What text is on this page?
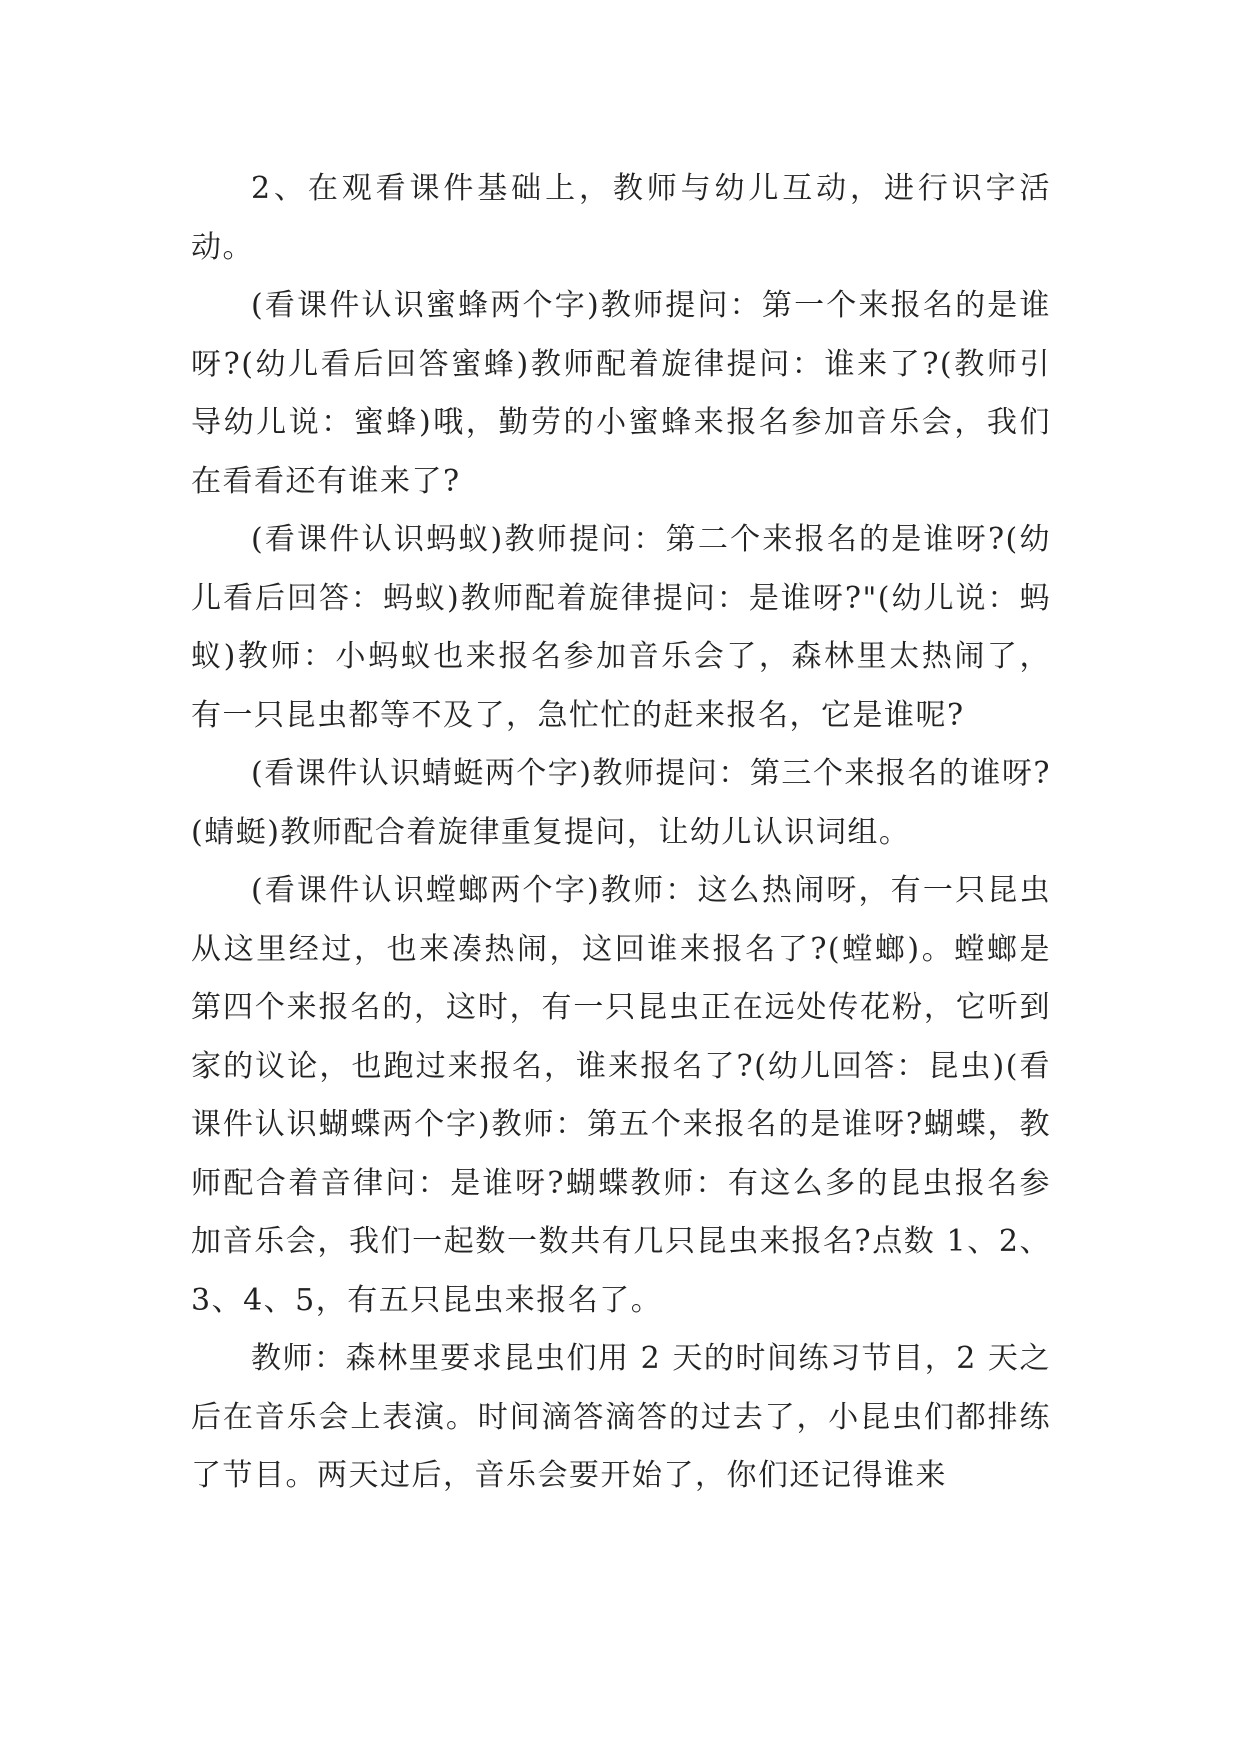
2、在观看课件基础上，教师与幼儿互动，进行识字活动。

(看课件认识蜜蜂两个字)教师提问：第一个来报名的是谁呀?(幼儿看后回答蜜蜂)教师配着旋律提问：谁来了?(教师引导幼儿说：蜜蜂)哦，勤劳的小蜜蜂来报名参加音乐会，我们在看看还有谁来了?

(看课件认识蚂蚁)教师提问：第二个来报名的是谁呀?(幼儿看后回答：蚂蚁)教师配着旋律提问：是谁呀?"(幼儿说：蚂蚁)教师：小蚂蚁也来报名参加音乐会了，森林里太热闹了，有一只昆虫都等不及了，急忙忙的赶来报名，它是谁呢?

(看课件认识蜻蜓两个字)教师提问：第三个来报名的谁呀?(蜻蜓)教师配合着旋律重复提问，让幼儿认识词组。

(看课件认识螳螂两个字)教师：这么热闹呀，有一只昆虫从这里经过，也来凑热闹，这回谁来报名了?(螳螂)。螳螂是第四个来报名的，这时，有一只昆虫正在远处传花粉，它听到家的议论，也跑过来报名，谁来报名了?(幼儿回答：昆虫)(看课件认识蝴蝶两个字)教师：第五个来报名的是谁呀?蝴蝶，教师配合着音律问：是谁呀?蝴蝶教师：有这么多的昆虫报名参加音乐会，我们一起数一数共有几只昆虫来报名?点数 1、2、3、4、5，有五只昆虫来报名了。

教师：森林里要求昆虫们用 2 天的时间练习节目，2 天之后在音乐会上表演。时间滴答滴答的过去了，小昆虫们都排练了节目。两天过后，音乐会要开始了，你们还记得谁来
